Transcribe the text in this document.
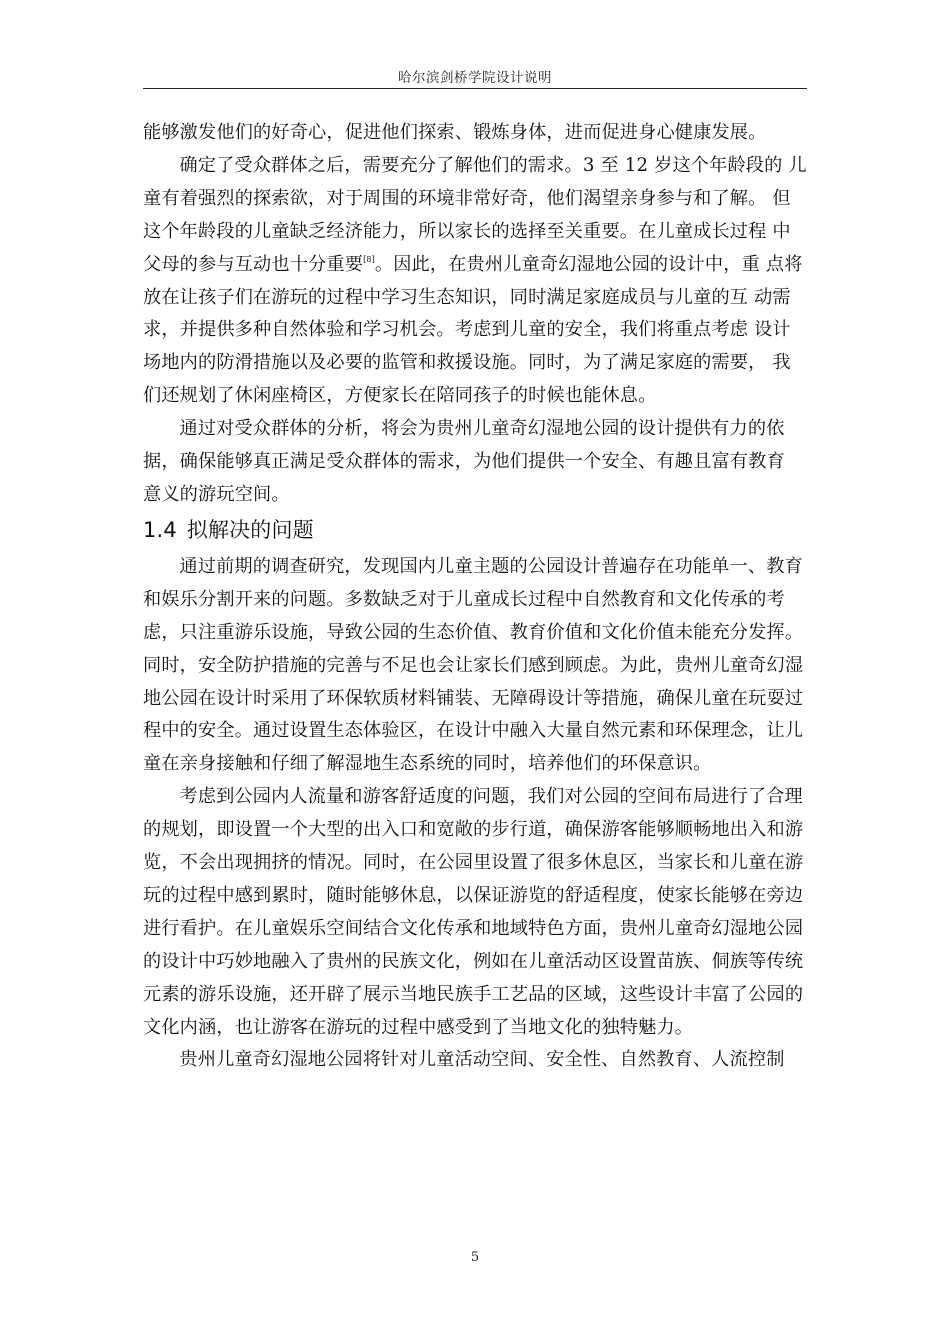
哈尔滨剑桥学院设计说明

能够激发他们的好奇心，促进他们探索、锻炼身体，进而促进身心健康发展。

确定了受众群体之后，需要充分了解他们的需求。3 至 12 岁这个年龄段的 儿童有着强烈的探索欲，对于周围的环境非常好奇，他们渴望亲身参与和了解。 但这个年龄段的儿童缺乏经济能力，所以家长的选择至关重要。在儿童成长过程 中父母的参与互动也十分重要[8]。因此，在贵州儿童奇幻湿地公园的设计中，重 点将放在让孩子们在游玩的过程中学习生态知识，同时满足家庭成员与儿童的互 动需求，并提供多种自然体验和学习机会。考虑到儿童的安全，我们将重点考虑 设计场地内的防滑措施以及必要的监管和救援设施。同时，为了满足家庭的需要， 我们还规划了休闲座椅区，方便家长在陪同孩子的时候也能休息。

通过对受众群体的分析，将会为贵州儿童奇幻湿地公园的设计提供有力的依 据，确保能够真正满足受众群体的需求，为他们提供一个安全、有趣且富有教育 意义的游玩空间。

1.4 拟解决的问题

通过前期的调查研究，发现国内儿童主题的公园设计普遍存在功能单一、教育和娱乐分割开来的问题。多数缺乏对于儿童成长过程中自然教育和文化传承的考虑，只注重游乐设施，导致公园的生态价值、教育价值和文化价值未能充分发挥。同时，安全防护措施的完善与不足也会让家长们感到顾虑。为此，贵州儿童奇幻湿地公园在设计时采用了环保软质材料铺装、无障碍设计等措施，确保儿童在玩耍过程中的安全。通过设置生态体验区，在设计中融入大量自然元素和环保理念，让儿童在亲身接触和仔细了解湿地生态系统的同时，培养他们的环保意识。

考虑到公园内人流量和游客舒适度的问题，我们对公园的空间布局进行了合理的规划，即设置一个大型的出入口和宽敞的步行道，确保游客能够顺畅地出入和游览，不会出现拥挤的情况。同时，在公园里设置了很多休息区，当家长和儿童在游玩的过程中感到累时，随时能够休息，以保证游览的舒适程度，使家长能够在旁边进行看护。在儿童娱乐空间结合文化传承和地域特色方面，贵州儿童奇幻湿地公园的设计中巧妙地融入了贵州的民族文化，例如在儿童活动区设置苗族、侗族等传统元素的游乐设施，还开辟了展示当地民族手工艺品的区域，这些设计丰富了公园的文化内涵，也让游客在游玩的过程中感受到了当地文化的独特魅力。

贵州儿童奇幻湿地公园将针对儿童活动空间、安全性、自然教育、人流控制

5
